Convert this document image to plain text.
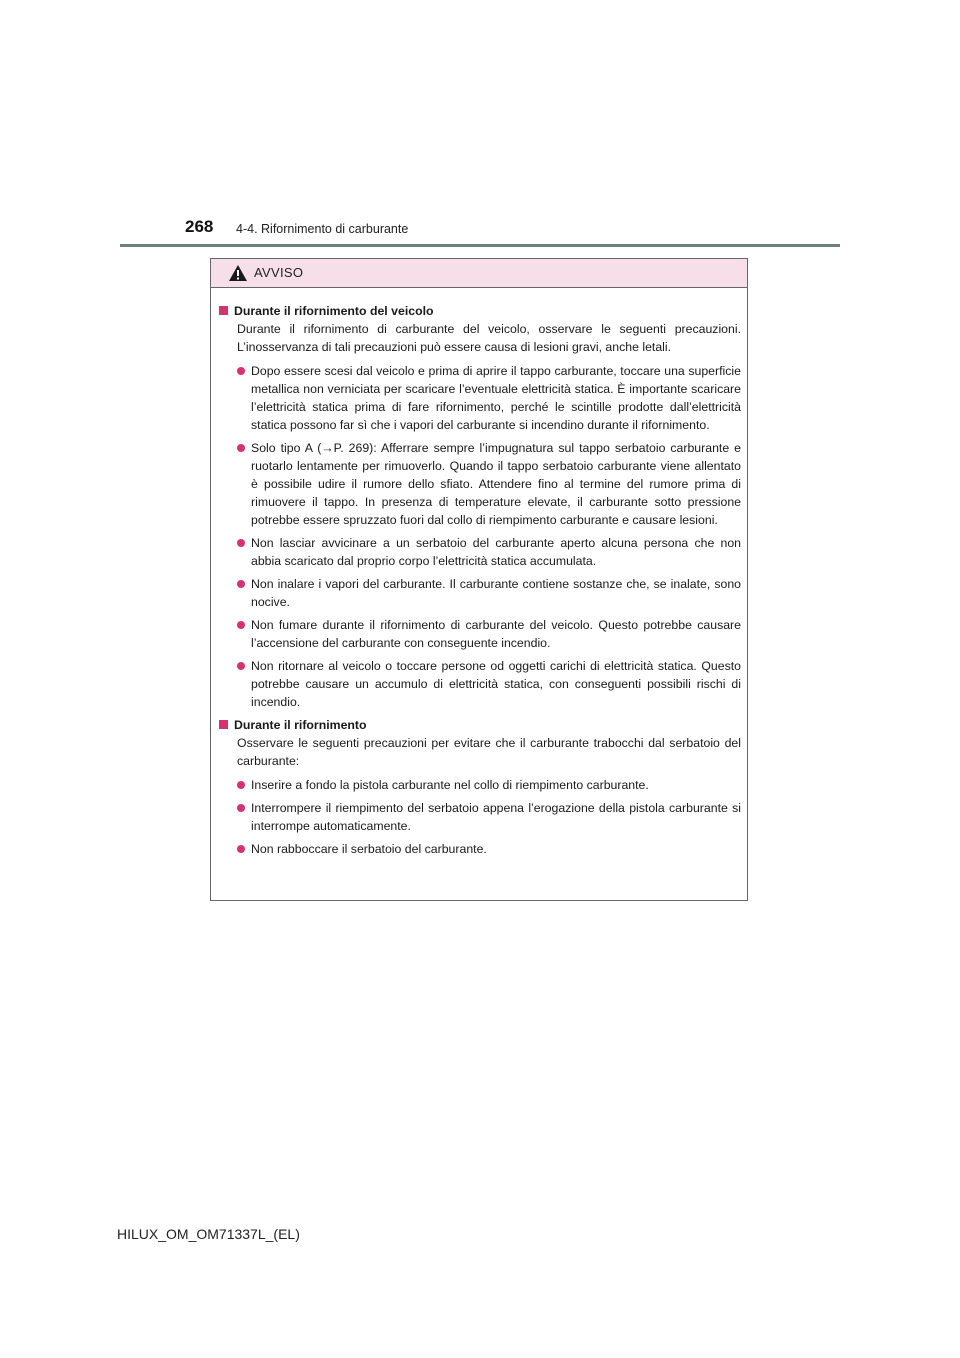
268 4-4. Rifornimento di carburante
AVVISO
Durante il rifornimento del veicolo
Durante il rifornimento di carburante del veicolo, osservare le seguenti precauzioni. L’inosservanza di tali precauzioni può essere causa di lesioni gravi, anche letali.
Dopo essere scesi dal veicolo e prima di aprire il tappo carburante, toccare una superficie metallica non verniciata per scaricare l’eventuale elettricità statica. È importante scaricare l’elettricità statica prima di fare rifornimento, perché le scintille prodotte dall’elettricità statica possono far sì che i vapori del carburante si incendino durante il rifornimento.
Solo tipo A (→P. 269): Afferrare sempre l’impugnatura sul tappo serbatoio carburante e ruotarlo lentamente per rimuoverlo. Quando il tappo serbatoio carburante viene allentato è possibile udire il rumore dello sfiato. Attendere fino al termine del rumore prima di rimuovere il tappo. In presenza di temperature elevate, il carburante sotto pressione potrebbe essere spruzzato fuori dal collo di riempimento carburante e causare lesioni.
Non lasciar avvicinare a un serbatoio del carburante aperto alcuna persona che non abbia scaricato dal proprio corpo l’elettricità statica accumulata.
Non inalare i vapori del carburante. Il carburante contiene sostanze che, se inalate, sono nocive.
Non fumare durante il rifornimento di carburante del veicolo. Questo potrebbe causare l’accensione del carburante con conseguente incendio.
Non ritornare al veicolo o toccare persone od oggetti carichi di elettricità statica. Questo potrebbe causare un accumulo di elettricità statica, con conseguenti possibili rischi di incendio.
Durante il rifornimento
Osservare le seguenti precauzioni per evitare che il carburante trabocchi dal serbatoio del carburante:
Inserire a fondo la pistola carburante nel collo di riempimento carburante.
Interrompere il riempimento del serbatoio appena l’erogazione della pistola carburante si interrompe automaticamente.
Non rabboccare il serbatoio del carburante.
HILUX_OM_OM71337L_(EL)
